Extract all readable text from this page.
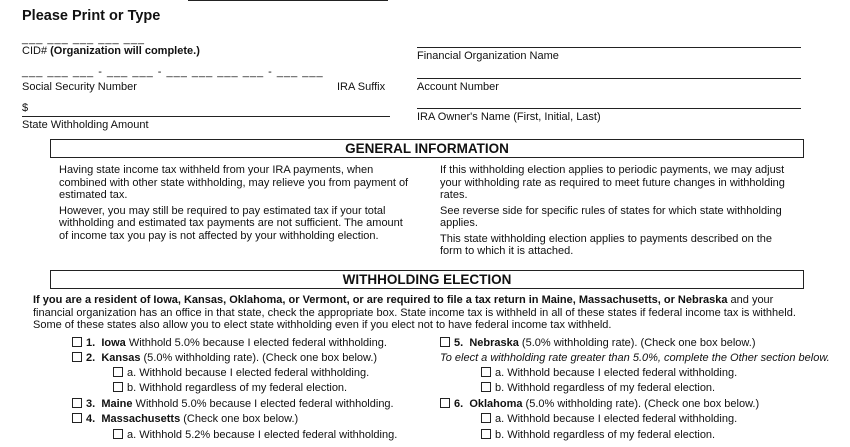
Please Print or Type
___ ___ ___ ___ ___
CID# (Organization will complete.)	Financial Organization Name
___ ___ ___ - ___ ___ - ___ ___ ___ ___ - ___ ___
Social Security Number	IRA Suffix	Account Number
$
State Withholding Amount
IRA Owner's Name (First, Initial, Last)
GENERAL INFORMATION

Having state income tax withheld from your IRA payments, when combined with other state withholding, may relieve you from payment of estimated tax.

However, you may still be required to pay estimated tax if your total withholding and estimated tax payments are not sufficient. The amount of income tax you pay is not affected by your withholding election.

If this withholding election applies to periodic payments, we may adjust your withholding rate as required to meet future changes in withholding rates.

See reverse side for specific rules of states for which state withholding applies.

This state withholding election applies to payments described on the form to which it is attached.

WITHHOLDING ELECTION

If you are a resident of Iowa, Kansas, Oklahoma, or Vermont, or are required to file a tax return in Maine, Massachusetts, or Nebraska and your financial organization has an office in that state, check the appropriate box. State income tax is withheld in all of these states if federal income tax is withheld. Some of these states also allow you to elect state withholding even if you elect not to have federal income tax withheld.

1. Iowa Withhold 5.0% because I elected federal withholding.
2. Kansas (5.0% withholding rate). (Check one box below.)
a. Withhold because I elected federal withholding.
b. Withhold regardless of my federal election.
3. Maine Withhold 5.0% because I elected federal withholding.
4. Massachusetts (Check one box below.)
a. Withhold 5.2% because I elected federal withholding.
5. Nebraska (5.0% withholding rate). (Check one box below.)
To elect a withholding rate greater than 5.0%, complete the Other section below.
a. Withhold because I elected federal withholding.
b. Withhold regardless of my federal election.
6. Oklahoma (5.0% withholding rate). (Check one box below.)
a. Withhold because I elected federal withholding.
b. Withhold regardless of my federal election.
